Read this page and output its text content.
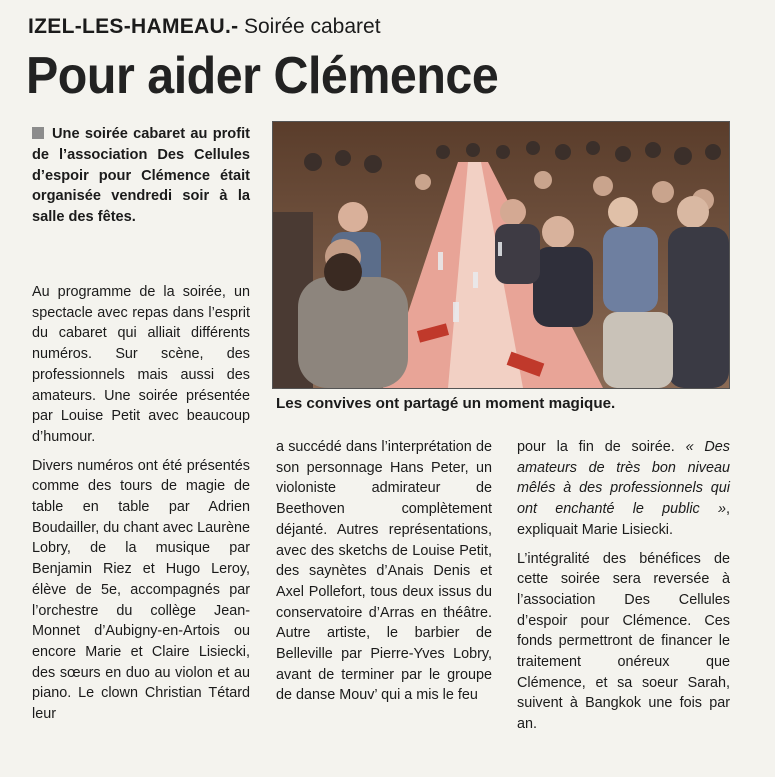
IZEL-LES-HAMEAU.- Soirée cabaret
Pour aider Clémence
Une soirée cabaret au profit de l’association Des Cellules d’espoir pour Clémence était organisée vendredi soir à la salle des fêtes.
Les convives ont partagé un moment magique.

Au programme de la soirée, un spectacle avec repas dans l’esprit du cabaret qui alliait différents numéros. Sur scène, des professionnels mais aussi des amateurs. Une soirée présentée par Louise Petit avec beaucoup d’humour.

Divers numéros ont été présentés comme des tours de magie de table en table par Adrien Boudailler, du chant avec Laurène Lobry, de la musique par Benjamin Riez et Hugo Leroy, élève de 5e, accompagnés par l’orchestre du collège Jean-Monnet d’Aubigny-en-Artois ou encore Marie et Claire Lisiecki, des sœurs en duo au violon et au piano. Le clown Christian Tétard leur

a succédé dans l’interprétation de son personnage Hans Peter, un violoniste admirateur de Beethoven complètement déjanté. Autres représentations, avec des sketchs de Louise Petit, des saynètes d’Anais Denis et Axel Pollefort, tous deux issus du conservatoire d’Arras en théâtre. Autre artiste, le barbier de Belleville par Pierre-Yves Lobry, avant de terminer par le groupe de danse Mouv’ qui a mis le feu

pour la fin de soirée. « Des amateurs de très bon niveau mêlés à des professionnels qui ont enchanté le public », expliquait Marie Lisiecki.

L’intégralité des bénéfices de cette soirée sera reversée à l’association Des Cellules d’espoir pour Clémence. Ces fonds permettront de financer le traitement onéreux que Clémence, et sa soeur Sarah, suivent à Bangkok une fois par an.
